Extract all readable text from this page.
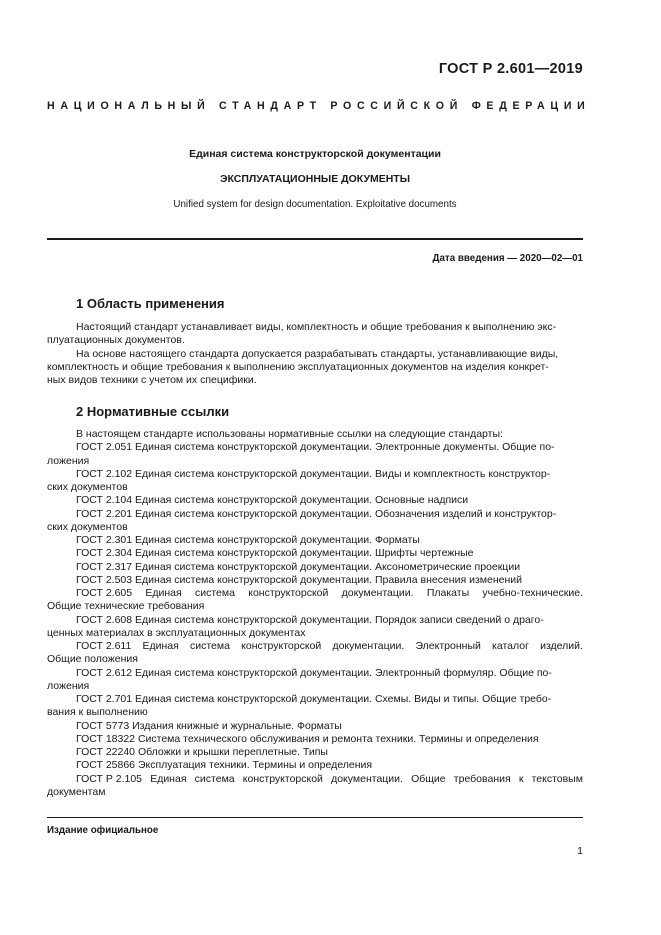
ГОСТ Р 2.601—2019
НАЦИОНАЛЬНЫЙ СТАНДАРТ РОССИЙСКОЙ ФЕДЕРАЦИИ
Единая система конструкторской документации
ЭКСПЛУАТАЦИОННЫЕ ДОКУМЕНТЫ
Unified system for design documentation. Exploitative documents
Дата введения — 2020—02—01
1 Область применения
Настоящий стандарт устанавливает виды, комплектность и общие требования к выполнению экс-
плуатационных документов.
На основе настоящего стандарта допускается разрабатывать стандарты, устанавливающие виды,
комплектность и общие требования к выполнению эксплуатационных документов на изделия конкрет-
ных видов техники с учетом их специфики.
2 Нормативные ссылки
В настоящем стандарте использованы нормативные ссылки на следующие стандарты:
ГОСТ 2.051 Единая система конструкторской документации. Электронные документы. Общие по-
ложения
ГОСТ 2.102 Единая система конструкторской документации. Виды и комплектность конструктор-
ских документов
ГОСТ 2.104 Единая система конструкторской документации. Основные надписи
ГОСТ 2.201 Единая система конструкторской документации. Обозначения изделий и конструктор-
ских документов
ГОСТ 2.301 Единая система конструкторской документации. Форматы
ГОСТ 2.304 Единая система конструкторской документации. Шрифты чертежные
ГОСТ 2.317 Единая система конструкторской документации. Аксонометрические проекции
ГОСТ 2.503 Единая система конструкторской документации. Правила внесения изменений
ГОСТ 2.605 Единая система конструкторской документации. Плакаты учебно-технические.
Общие технические требования
ГОСТ 2.608 Единая система конструкторской документации. Порядок записи сведений о драго-
ценных материалах в эксплуатационных документах
ГОСТ 2.611 Единая система конструкторской документации. Электронный каталог изделий.
Общие положения
ГОСТ 2.612 Единая система конструкторской документации. Электронный формуляр. Общие по-
ложения
ГОСТ 2.701 Единая система конструкторской документации. Схемы. Виды и типы. Общие требо-
вания к выполнению
ГОСТ 5773 Издания книжные и журнальные. Форматы
ГОСТ 18322 Система технического обслуживания и ремонта техники. Термины и определения
ГОСТ 22240 Обложки и крышки переплетные. Типы
ГОСТ 25866 Эксплуатация техники. Термины и определения
ГОСТ Р 2.105 Единая система конструкторской документации. Общие требования к текстовым
документам
Издание официальное
1
